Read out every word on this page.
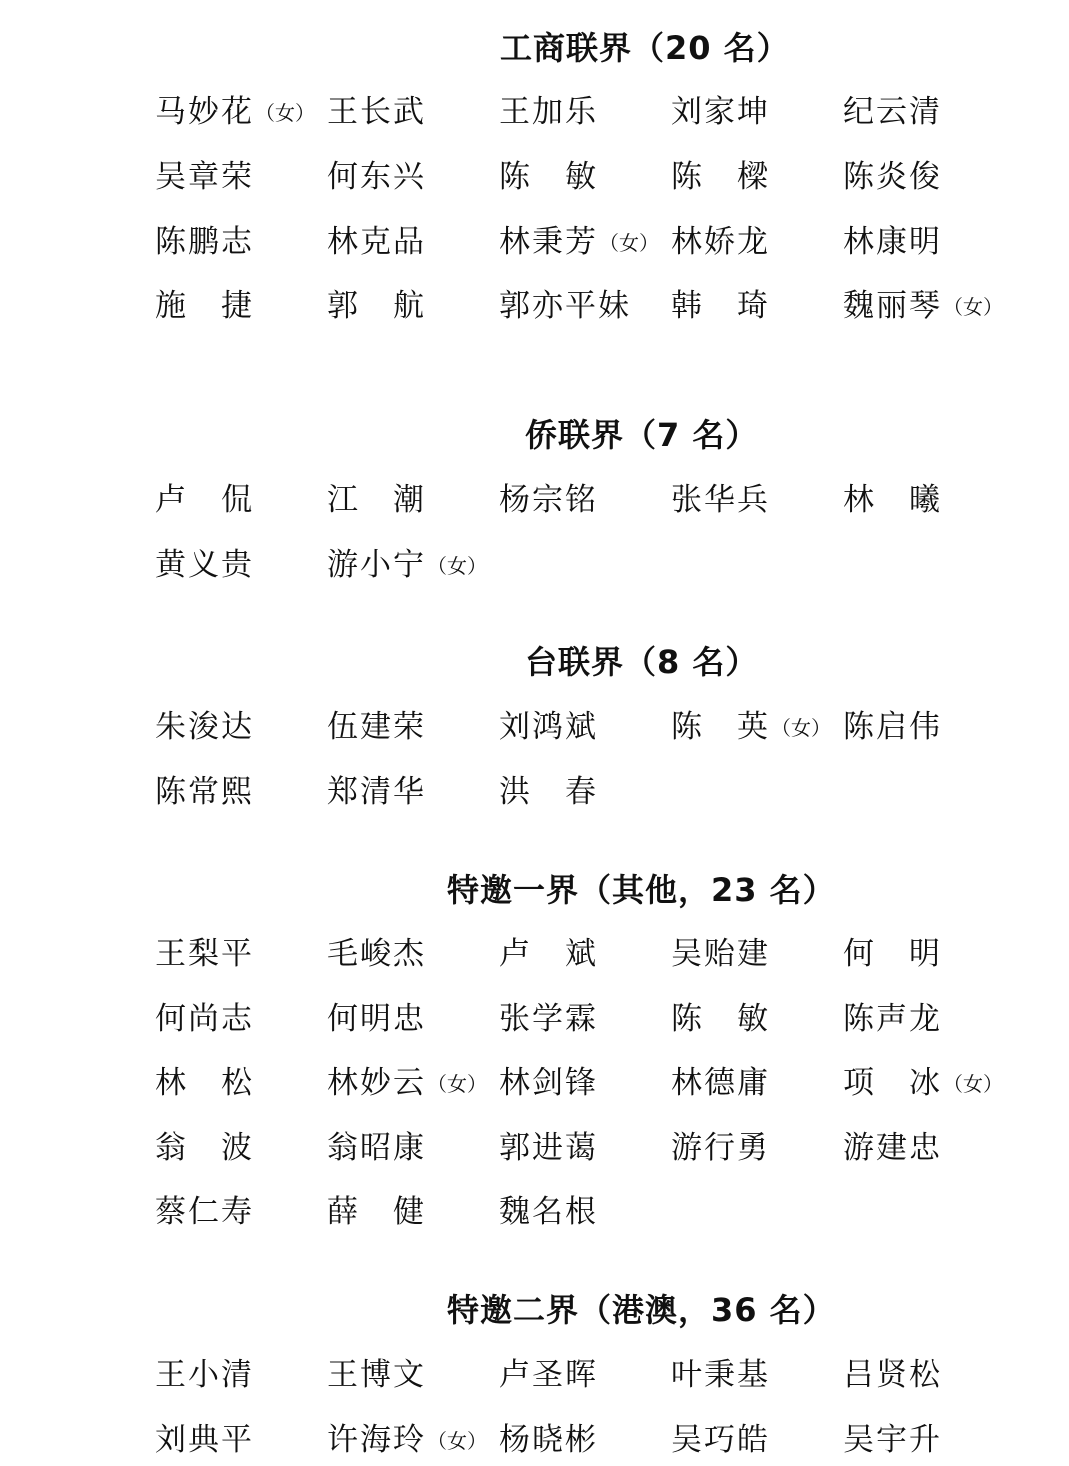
工商联界（20 名）
马妙花（女） 王长武 王加乐 刘家坤 纪云清
吴章荣 何东兴 陈　敏 陈　樑 陈炎俊
陈鹏志 林克品 林秉芳（女） 林娇龙 林康明
施　捷 郭　航 郭亦平妹 韩　琦 魏丽琴（女）
侨联界（7 名）
卢　侃 江　潮 杨宗铭 张华兵 林　曦
黄义贵 游小宁（女）
台联界（8 名）
朱浚达 伍建荣 刘鸿斌 陈　英（女） 陈启伟
陈常熙 郑清华 洪　春
特邀一界（其他，23 名）
王梨平 毛峻杰 卢　斌 吴贻建 何　明
何尚志 何明忠 张学霖 陈　敏 陈声龙
林　松 林妙云（女） 林剑锋 林德庸 项　冰（女）
翁　波 翁昭康 郭进蔼 游行勇 游建忠
蔡仁寿 薛　健 魏名根
特邀二界（港澳，36 名）
王小清 王博文 卢圣晖 叶秉基 吕贤松
刘典平 许海玲（女） 杨晓彬 吴巧皓 吴宇升
